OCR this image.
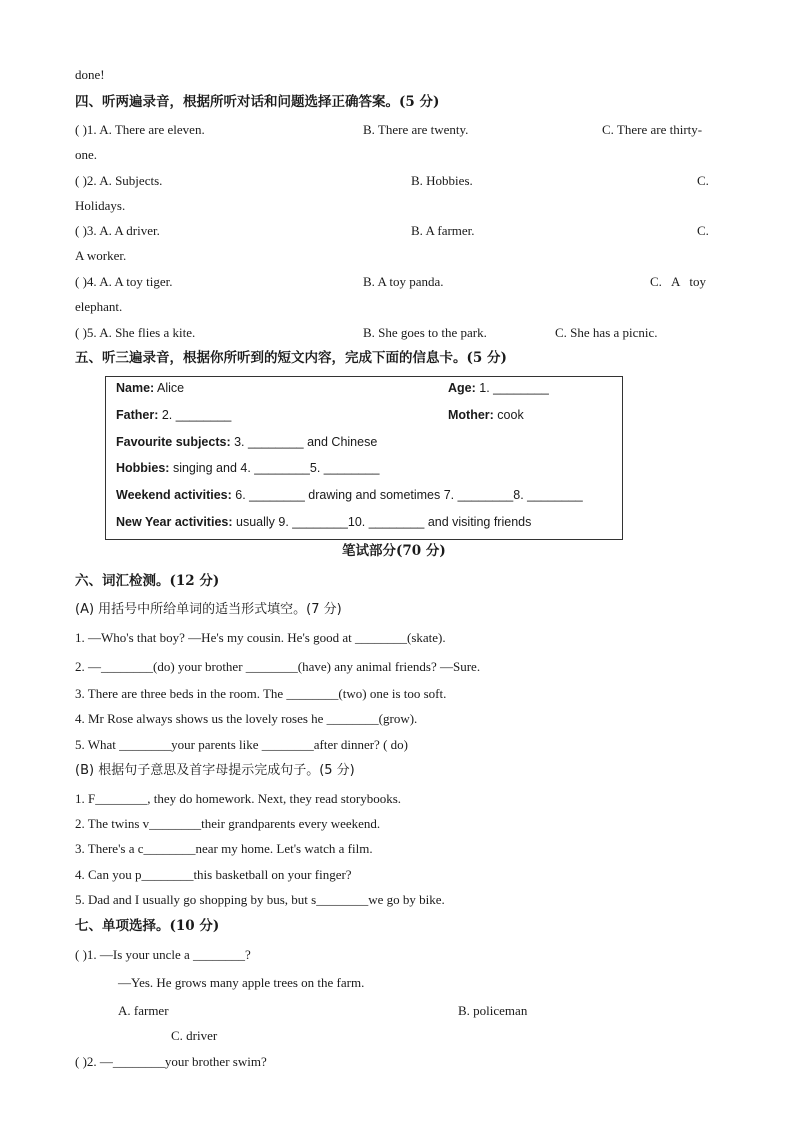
done!
四、听两遍录音，根据所听对话和问题选择正确答案。(5 分)
( )1. A. There are eleven.	B. There are twenty.	C. There are thirty-
one.
( )2. A. Subjects.	B. Hobbies.	C.
Holidays.
( )3. A. A driver.	B. A farmer.	C.
A worker.
( )4. A. A toy tiger.	B. A toy panda.	C.   A   toy
elephant.
( )5. A. She flies a kite.	B. She goes to the park.	C. She has a picnic.
五、听三遍录音，根据你所听到的短文内容，完成下面的信息卡。(5 分)
Name: Alice	Age: 1. ________
Father: 2. ________	Mother: cook
Favourite subjects: 3. ________ and Chinese
Hobbies: singing and 4. ________5. ________
Weekend activities: 6. ________ drawing and sometimes 7. ________8. ________
New Year activities: usually 9. ________10. ________ and visiting friends
笔试部分(70 分)
六、词汇检测。(12 分)
(A) 用括号中所给单词的适当形式填空。(7 分)
1. —Who's that boy? —He's my cousin. He's good at ________(skate).
2. —________(do) your brother ________(have) any animal friends? —Sure.
3. There are three beds in the room. The ________(two) one is too soft.
4. Mr Rose always shows us the lovely roses he ________(grow).
5. What ________your parents like ________after dinner? ( do)
(B) 根据句子意思及首字母提示完成句子。(5 分)
1. F________, they do homework. Next, they read storybooks.
2. The twins v________their grandparents every weekend.
3. There's a c________near my home. Let's watch a film.
4. Can you p________this basketball on your finger?
5. Dad and I usually go shopping by bus, but s________we go by bike.
七、单项选择。(10 分)
( )1. —Is your uncle a ________?
—Yes. He grows many apple trees on the farm.
A. farmer	B. policeman
C. driver
( )2. —________your brother swim?
